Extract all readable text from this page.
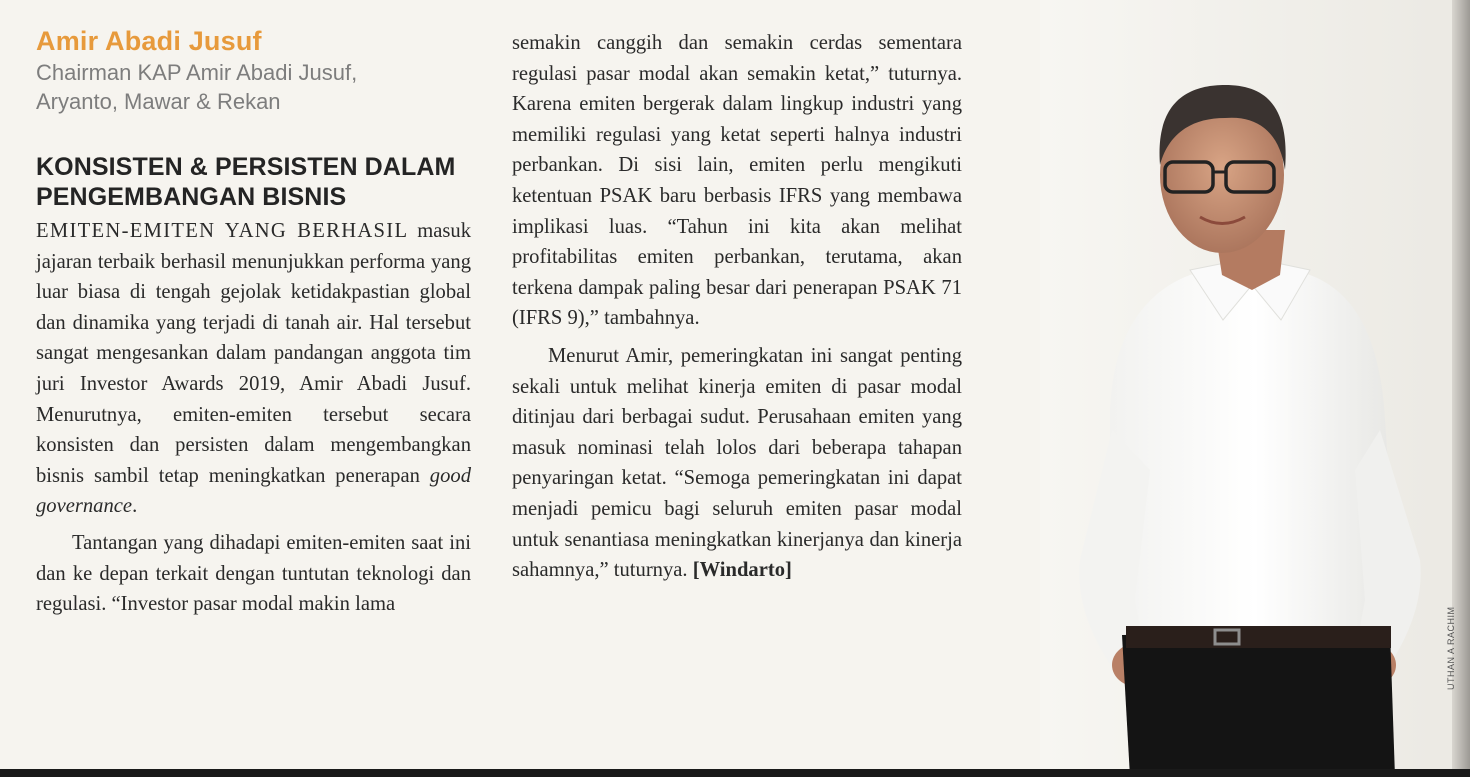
Amir Abadi Jusuf

Chairman KAP Amir Abadi Jusuf,

Aryanto, Mawar & Rekan

KONSISTEN & PERSISTEN DALAM
PENGEMBANGAN BISNIS

EMITEN-EMITEN YANG BERHASIL masuk jajaran terbaik berhasil menunjukkan performa yang luar biasa di tengah gejolak ketidakpastian global dan dinamika yang terjadi di tanah air. Hal tersebut sangat mengesankan dalam pandangan anggota tim juri Investor Awards 2019, Amir Abadi Jusuf. Menurutnya, emiten-emiten tersebut secara konsisten dan persisten dalam mengembangkan bisnis sambil tetap meningkatkan penerapan good governance.

Tantangan yang dihadapi emiten-emiten saat ini dan ke depan terkait dengan tuntutan teknologi dan regulasi. “Investor pasar modal makin lama

semakin canggih dan semakin cerdas sementara regulasi pasar modal akan semakin ketat,” tuturnya. Karena emiten bergerak dalam lingkup industri yang memiliki regulasi yang ketat seperti halnya industri perbankan. Di sisi lain, emiten perlu mengikuti ketentuan PSAK baru berbasis IFRS yang membawa implikasi luas. “Tahun ini kita akan melihat profitabilitas emiten perbankan, terutama, akan terkena dampak paling besar dari penerapan PSAK 71 (IFRS 9),” tambahnya.

Menurut Amir, pemeringkatan ini sangat penting sekali untuk melihat kinerja emiten di pasar modal ditinjau dari berbagai sudut. Perusahaan emiten yang masuk nominasi telah lolos dari beberapa tahapan penyaringan ketat. “Semoga pemeringkatan ini dapat menjadi pemicu bagi seluruh emiten pasar modal untuk senantiasa meningkatkan kinerjanya dan kinerja sahamnya,” tuturnya. [Windarto]

UTHAN A RACHIM
